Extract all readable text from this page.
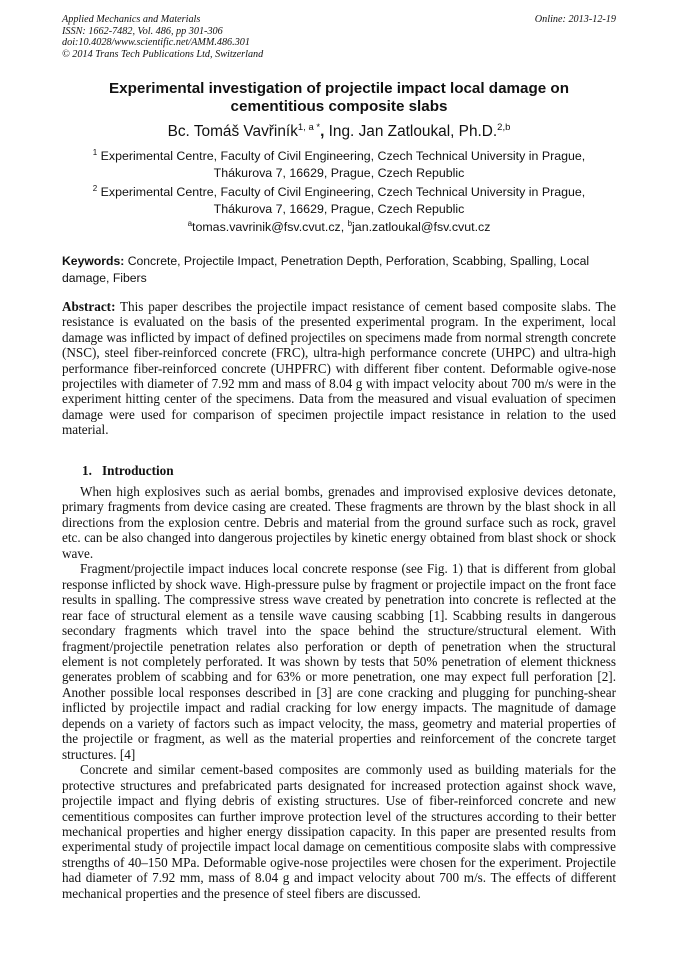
Applied Mechanics and Materials
ISSN: 1662-7482, Vol. 486, pp 301-306
doi:10.4028/www.scientific.net/AMM.486.301
© 2014 Trans Tech Publications Ltd, Switzerland
Online: 2013-12-19
Experimental investigation of projectile impact local damage on
cementitious composite slabs
Bc. Tomáš Vavřiník$^{1, a *}$, Ing. Jan Zatloukal, Ph.D.$^{2,b}$
$^1$ Experimental Centre, Faculty of Civil Engineering, Czech Technical University in Prague,
Thákurova 7, 16629, Prague, Czech Republic
$^2$ Experimental Centre, Faculty of Civil Engineering, Czech Technical University in Prague,
Thákurova 7, 16629, Prague, Czech Republic
$^a$tomas.vavrinik@fsv.cvut.cz, $^b$jan.zatloukal@fsv.cvut.cz
Keywords: Concrete, Projectile Impact, Penetration Depth, Perforation, Scabbing, Spalling, Local damage, Fibers
Abstract: This paper describes the projectile impact resistance of cement based composite slabs. The resistance is evaluated on the basis of the presented experimental program. In the experiment, local damage was inflicted by impact of defined projectiles on specimens made from normal strength concrete (NSC), steel fiber-reinforced concrete (FRC), ultra-high performance concrete (UHPC) and ultra-high performance fiber-reinforced concrete (UHPFRC) with different fiber content. Deformable ogive-nose projectiles with diameter of 7.92 mm and mass of 8.04 g with impact velocity about 700 m/s were in the experiment hitting center of the specimens. Data from the measured and visual evaluation of specimen damage were used for comparison of specimen projectile impact resistance in relation to the used material.
1. Introduction

When high explosives such as aerial bombs, grenades and improvised explosive devices detonate, primary fragments from device casing are created. These fragments are thrown by the blast shock in all directions from the explosion centre. Debris and material from the ground surface such as rock, gravel etc. can be also changed into dangerous projectiles by kinetic energy obtained from blast shock or shock wave.

Fragment/projectile impact induces local concrete response (see Fig. 1) that is different from global response inflicted by shock wave. High-pressure pulse by fragment or projectile impact on the front face results in spalling. The compressive stress wave created by penetration into concrete is reflected at the rear face of structural element as a tensile wave causing scabbing [1]. Scabbing results in dangerous secondary fragments which travel into the space behind the structure/structural element. With fragment/projectile penetration relates also perforation or depth of penetration when the structural element is not completely perforated. It was shown by tests that 50% penetration of element thickness generates problem of scabbing and for 63% or more penetration, one may expect full perforation [2]. Another possible local responses described in [3] are cone cracking and plugging for punching-shear inflicted by projectile impact and radial cracking for low energy impacts. The magnitude of damage depends on a variety of factors such as impact velocity, the mass, geometry and material properties of the projectile or fragment, as well as the material properties and reinforcement of the concrete target structures. [4]

Concrete and similar cement-based composites are commonly used as building materials for the protective structures and prefabricated parts designated for increased protection against shock wave, projectile impact and flying debris of existing structures. Use of fiber-reinforced concrete and new cementitious composites can further improve protection level of the structures according to their better mechanical properties and higher energy dissipation capacity. In this paper are presented results from experimental study of projectile impact local damage on cementitious composite slabs with compressive strengths of 40–150 MPa. Deformable ogive-nose projectiles were chosen for the experiment. Projectile had diameter of 7.92 mm, mass of 8.04 g and impact velocity about 700 m/s. The effects of different mechanical properties and the presence of steel fibers are discussed.
